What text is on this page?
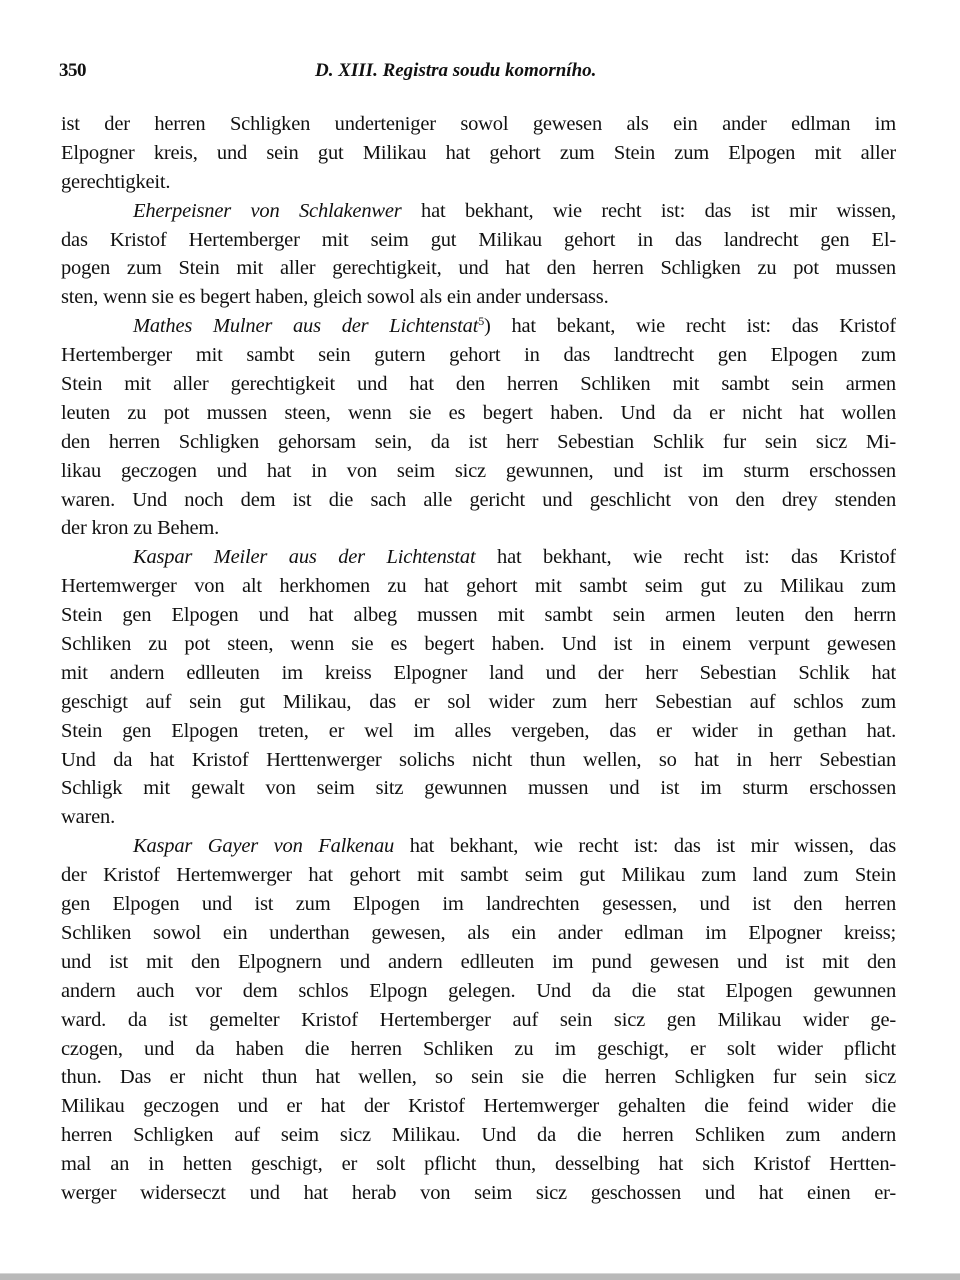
350	D. XIII. Registra soudu komorního.
ist der herren Schligken underteniger sowol gewesen als ein ander edlman im
Elpogner kreis, und sein gut Milikau hat gehort zum Stein zum Elpogen mit aller
gerechtigkeit.
Eherpeisner von Schlakenwer hat bekhant, wie recht ist: das ist mir wissen,
das Kristof Hertemberger mit seim gut Milikau gehort in das landrecht gen El-
pogen zum Stein mit aller gerechtigkeit, und hat den herren Schligken zu pot mussen
sten, wenn sie es begert haben, gleich sowol als ein ander undersass.
Mathes Mulner aus der Lichtenstat$^5$) hat bekant, wie recht ist: das Kristof
Hertemberger mit sambt sein gutern gehort in das landtrecht gen Elpogen zum
Stein mit aller gerechtigkeit und hat den herren Schliken mit sambt sein armen
leuten zu pot mussen steen, wenn sie es begert haben. Und da er nicht hat wollen
den herren Schligken gehorsam sein, da ist herr Sebestian Schlik fur sein sicz Mi-
likau geczogen und hat in von seim sicz gewunnen, und ist im sturm erschossen
waren. Und noch dem ist die sach alle gericht und geschlicht von den drey stenden
der kron zu Behem.
Kaspar Meiler aus der Lichtenstat hat bekhant, wie recht ist: das Kristof
Hertemwerger von alt herkhomen zu hat gehort mit sambt seim gut zu Milikau zum
Stein gen Elpogen und hat albeg mussen mit sambt sein armen leuten den herrn
Schliken zu pot steen, wenn sie es begert haben. Und ist in einem verpunt gewesen
mit andern edlleuten im kreiss Elpogner land und der herr Sebestian Schlik hat
geschigt auf sein gut Milikau, das er sol wider zum herr Sebestian auf schlos zum
Stein gen Elpogen treten, er wel im alles vergeben, das er wider in gethan hat.
Und da hat Kristof Herttenwerger solichs nicht thun wellen, so hat in herr Sebestian
Schligk mit gewalt von seim sitz gewunnen mussen und ist im sturm erschossen
waren.
Kaspar Gayer von Falkenau hat bekhant, wie recht ist: das ist mir wissen, das
der Kristof Hertemwerger hat gehort mit sambt seim gut Milikau zum land zum Stein
gen Elpogen und ist zum Elpogen im landrechten gesessen, und ist den herren
Schliken sowol ein underthan gewesen, als ein ander edlman im Elpogner kreiss;
und ist mit den Elpognern und andern edlleuten im pund gewesen und ist mit den
andern auch vor dem schlos Elpogn gelegen. Und da die stat Elpogen gewunnen
ward. da ist gemelter Kristof Hertemberger auf sein sicz gen Milikau wider ge-
czogen, und da haben die herren Schliken zu im geschigt, er solt wider pflicht
thun. Das er nicht thun hat wellen, so sein sie die herren Schligken fur sein sicz
Milikau geczogen und er hat der Kristof Hertemwerger gehalten die feind wider die
herren Schligken auf seim sicz Milikau. Und da die herren Schliken zum andern
mal an in hetten geschigt, er solt pflicht thun, desselbing hat sich Kristof Hertten-
werger widerseczt und hat herab von seim sicz geschossen und hat einen er-
